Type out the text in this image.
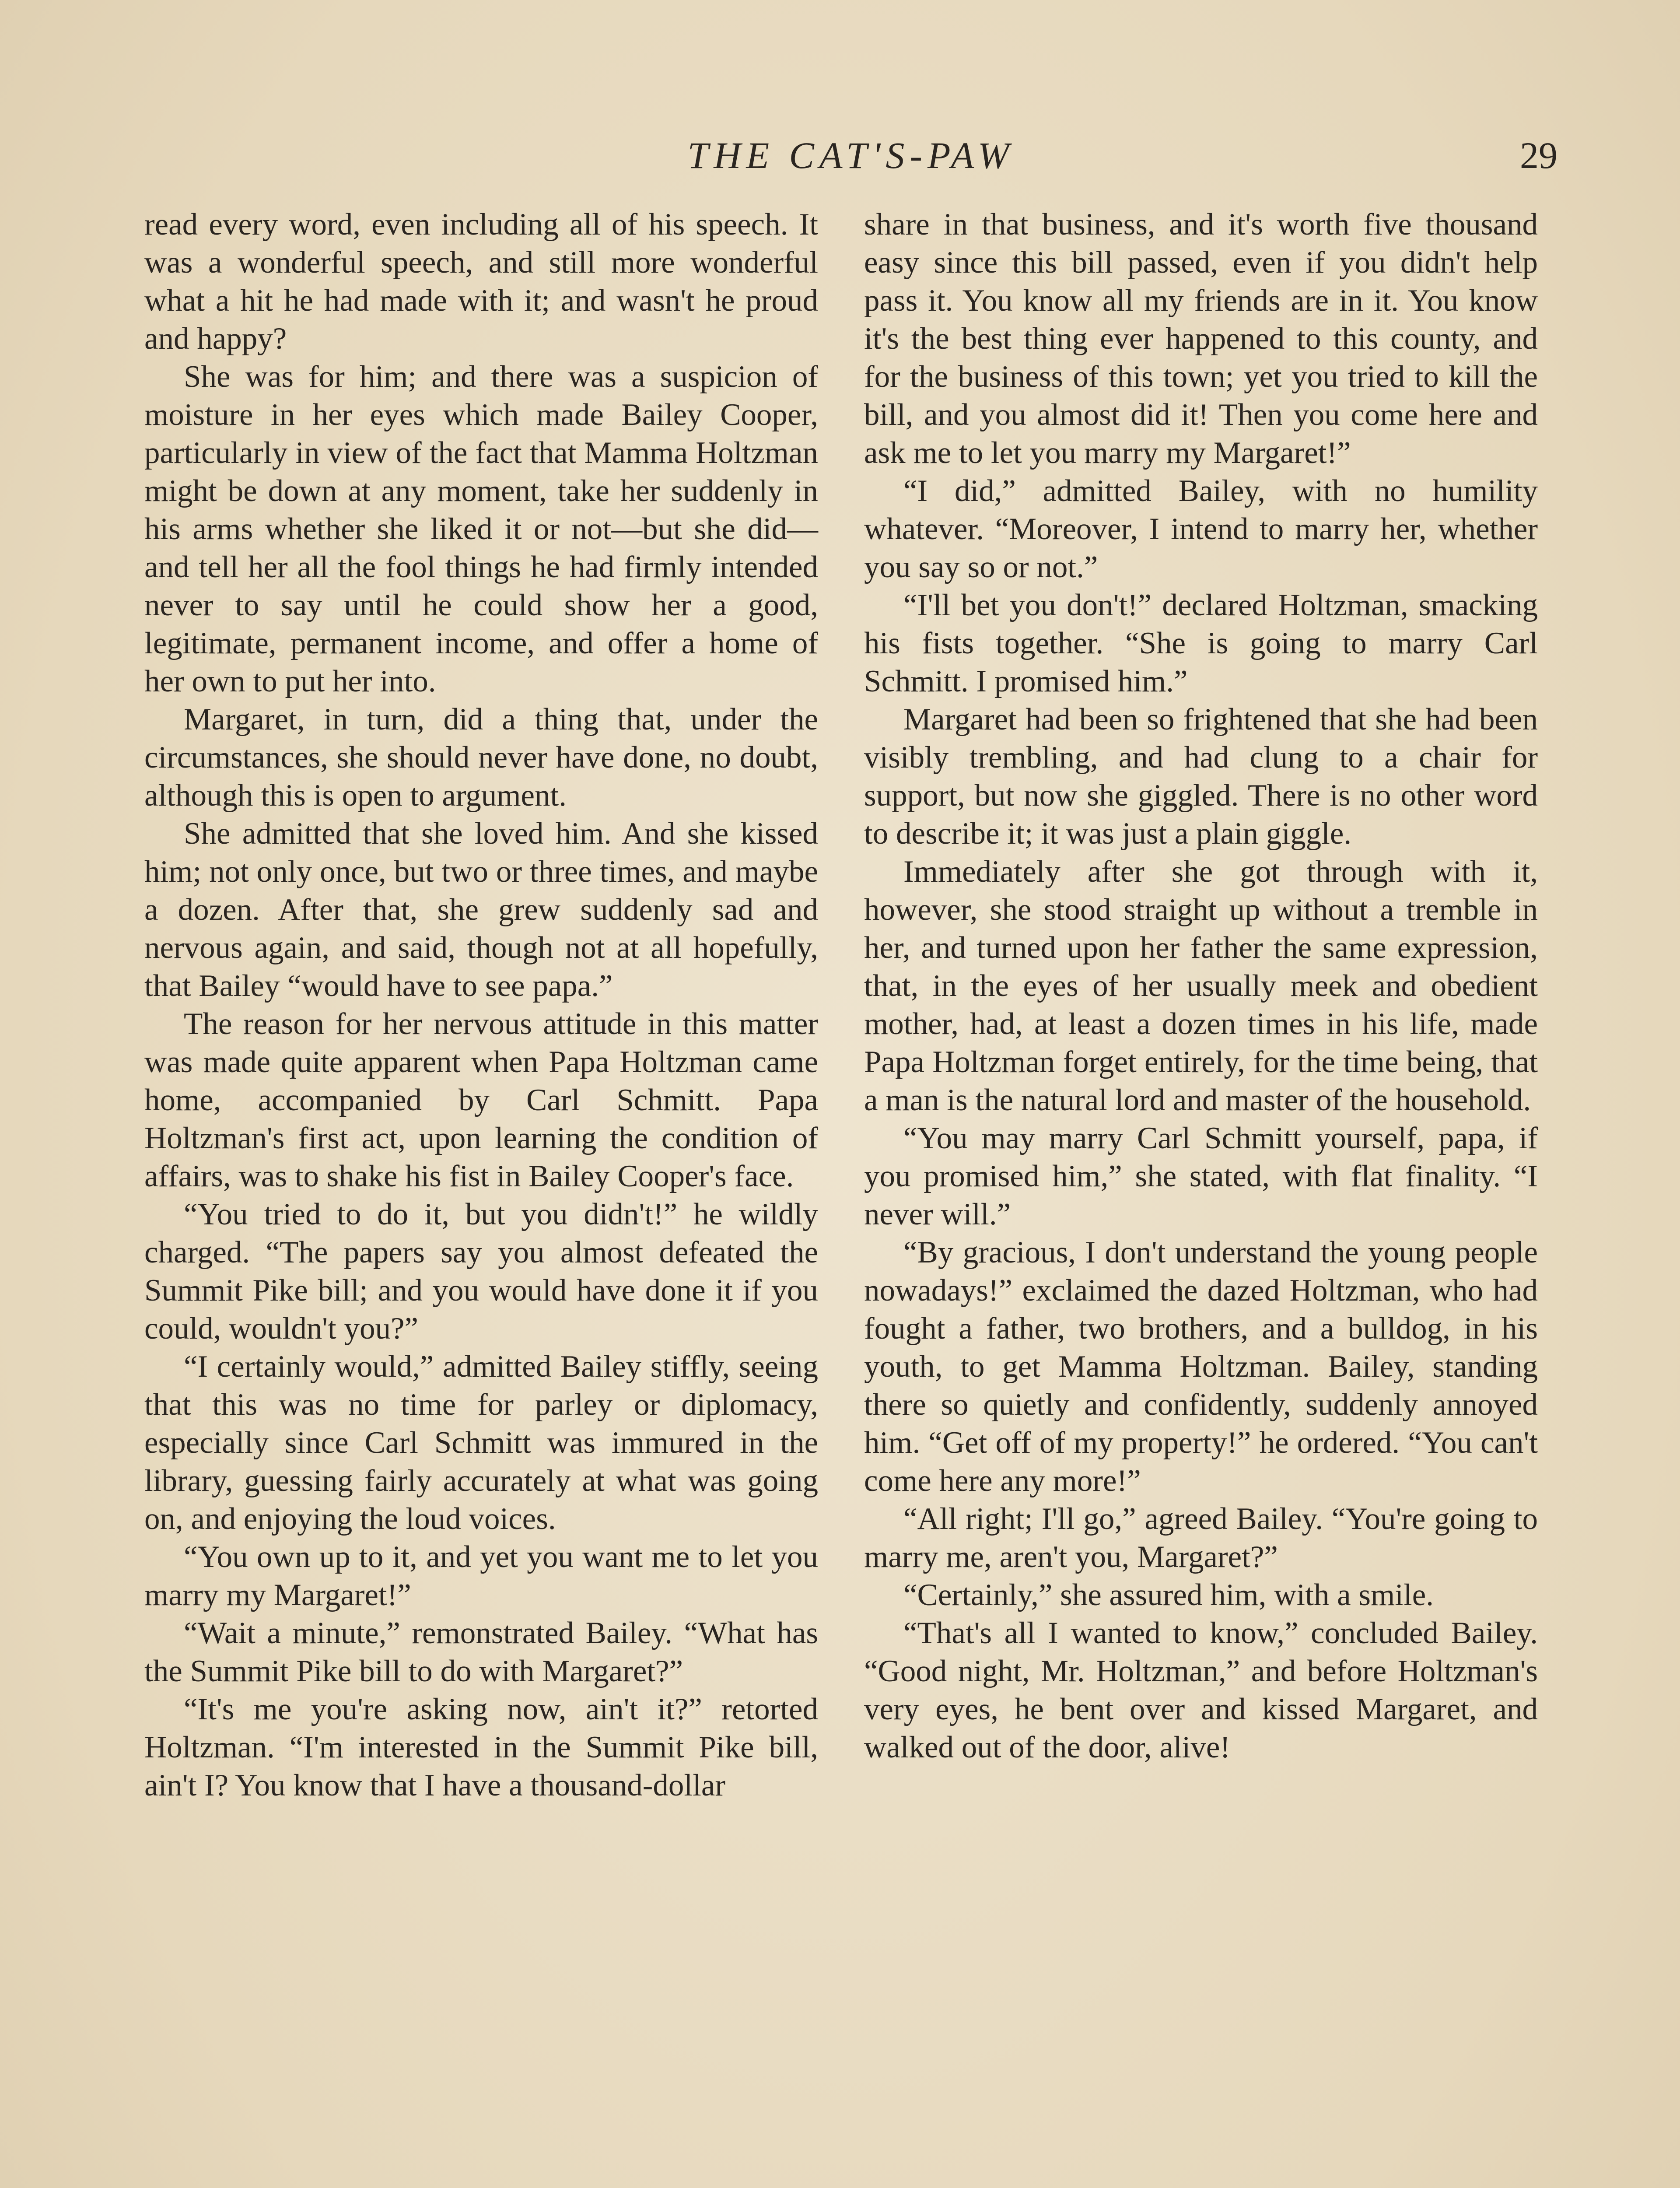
THE CAT'S-PAW	29

read every word, even including all of his speech. It was a wonderful speech, and still more wonderful what a hit he had made with it; and wasn't he proud and happy?

She was for him; and there was a suspicion of moisture in her eyes which made Bailey Cooper, particularly in view of the fact that Mamma Holtzman might be down at any moment, take her suddenly in his arms whether she liked it or not—but she did—and tell her all the fool things he had firmly intended never to say until he could show her a good, legitimate, permanent income, and offer a home of her own to put her into.

Margaret, in turn, did a thing that, under the circumstances, she should never have done, no doubt, although this is open to argument.

She admitted that she loved him. And she kissed him; not only once, but two or three times, and maybe a dozen. After that, she grew suddenly sad and nervous again, and said, though not at all hopefully, that Bailey “would have to see papa.”

The reason for her nervous attitude in this matter was made quite apparent when Papa Holtzman came home, accompanied by Carl Schmitt. Papa Holtzman's first act, upon learning the condition of affairs, was to shake his fist in Bailey Cooper's face.

“You tried to do it, but you didn't!” he wildly charged. “The papers say you almost defeated the Summit Pike bill; and you would have done it if you could, wouldn't you?”

“I certainly would,” admitted Bailey stiffly, seeing that this was no time for parley or diplomacy, especially since Carl Schmitt was immured in the library, guessing fairly accurately at what was going on, and enjoying the loud voices.

“You own up to it, and yet you want me to let you marry my Margaret!”

“Wait a minute,” remonstrated Bailey. “What has the Summit Pike bill to do with Margaret?”

“It's me you're asking now, ain't it?” retorted Holtzman. “I'm interested in the Summit Pike bill, ain't I? You know that I have a thousand-dollar

share in that business, and it's worth five thousand easy since this bill passed, even if you didn't help pass it. You know all my friends are in it. You know it's the best thing ever happened to this county, and for the business of this town; yet you tried to kill the bill, and you almost did it! Then you come here and ask me to let you marry my Margaret!”

“I did,” admitted Bailey, with no humility whatever. “Moreover, I intend to marry her, whether you say so or not.”

“I'll bet you don't!” declared Holtzman, smacking his fists together. “She is going to marry Carl Schmitt. I promised him.”

Margaret had been so frightened that she had been visibly trembling, and had clung to a chair for support, but now she giggled. There is no other word to describe it; it was just a plain giggle.

Immediately after she got through with it, however, she stood straight up without a tremble in her, and turned upon her father the same expression, that, in the eyes of her usually meek and obedient mother, had, at least a dozen times in his life, made Papa Holtzman forget entirely, for the time being, that a man is the natural lord and master of the household.

“You may marry Carl Schmitt yourself, papa, if you promised him,” she stated, with flat finality. “I never will.”

“By gracious, I don't understand the young people nowadays!” exclaimed the dazed Holtzman, who had fought a father, two brothers, and a bulldog, in his youth, to get Mamma Holtzman. Bailey, standing there so quietly and confidently, suddenly annoyed him. “Get off of my property!” he ordered. “You can't come here any more!”

“All right; I'll go,” agreed Bailey. “You're going to marry me, aren't you, Margaret?”

“Certainly,” she assured him, with a smile.

“That's all I wanted to know,” concluded Bailey. “Good night, Mr. Holtzman,” and before Holtzman's very eyes, he bent over and kissed Margaret, and walked out of the door, alive!
